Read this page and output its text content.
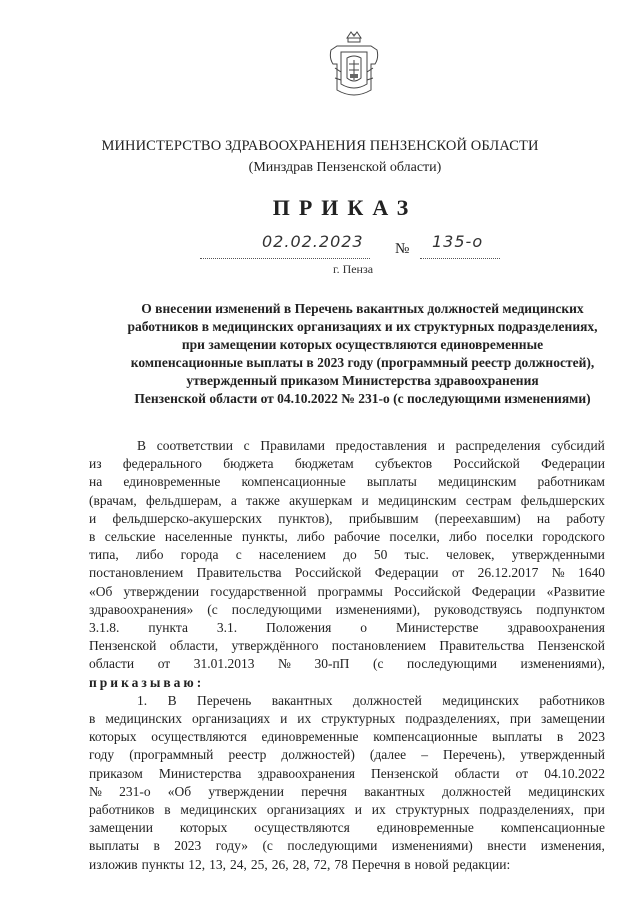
МИНИСТЕРСТВО ЗДРАВООХРАНЕНИЯ ПЕНЗЕНСКОЙ ОБЛАСТИ
(Минздрав Пензенской области)
ПРИКАЗ
02.02.2023 № 135-о
г. Пенза
О внесении изменений в Перечень вакантных должностей медицинских
работников в медицинских организациях и их структурных подразделениях,
при замещении которых осуществляются единовременные
компенсационные выплаты в 2023 году (программный реестр должностей),
утвержденный приказом Министерства здравоохранения
Пензенской области от 04.10.2022 № 231-о (с последующими изменениями)
В соответствии с Правилами предоставления и распределения субсидий
из федерального бюджета бюджетам субъектов Российской Федерации
на единовременные компенсационные выплаты медицинским работникам
(врачам, фельдшерам, а также акушеркам и медицинским сестрам фельдшерских
и фельдшерско-акушерских пунктов), прибывшим (переехавшим) на работу
в сельские населенные пункты, либо рабочие поселки, либо поселки городского
типа, либо города с населением до 50 тыс. человек, утвержденными
постановлением Правительства Российской Федерации от 26.12.2017 № 1640
«Об утверждении государственной программы Российской Федерации «Развитие
здравоохранения» (с последующими изменениями), руководствуясь подпунктом
3.1.8. пункта 3.1. Положения о Министерстве здравоохранения
Пензенской области, утверждённого постановлением Правительства Пензенской
области от 31.01.2013 № 30-пП (с последующими изменениями),
приказываю:
1. В Перечень вакантных должностей медицинских работников
в медицинских организациях и их структурных подразделениях, при замещении
которых осуществляются единовременные компенсационные выплаты в 2023
году (программный реестр должностей) (далее – Перечень), утвержденный
приказом Министерства здравоохранения Пензенской области от 04.10.2022
№ 231-о «Об утверждении перечня вакантных должностей медицинских
работников в медицинских организациях и их структурных подразделениях, при
замещении которых осуществляются единовременные компенсационные
выплаты в 2023 году» (с последующими изменениями) внести изменения,
изложив пункты 12, 13, 24, 25, 26, 28, 72, 78 Перечня в новой редакции:
